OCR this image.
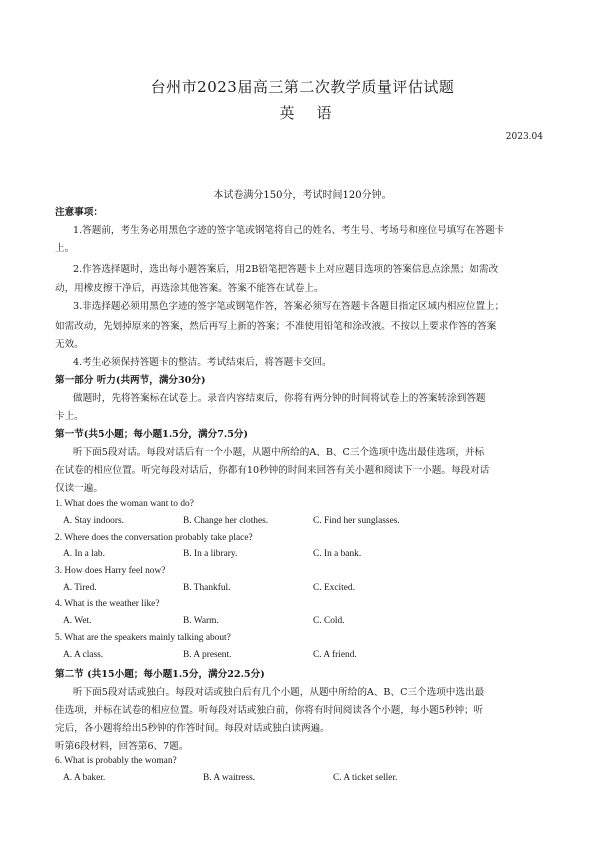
台州市2023届高三第二次教学质量评估试题
英语
2023.04
本试卷满分150分，考试时间120分钟。
注意事项：
1.答题前，考生务必用黑色字迹的签字笔或钢笔将自己的姓名、考生号、考场号和座位号填写在答题卡
上。
2.作答选择题时，选出每小题答案后，用2B铅笔把答题卡上对应题目选项的答案信息点涂黑；如需改
动，用橡皮擦干净后，再选涂其他答案。答案不能答在试卷上。
3.非选择题必须用黑色字迹的签字笔或钢笔作答，答案必须写在答题卡各题目指定区域内相应位置上；
如需改动，先划掉原来的答案，然后再写上新的答案；不准使用铅笔和涂改液。不按以上要求作答的答案
无效。
4.考生必须保持答题卡的整洁。考试结束后，将答题卡交回。
第一部分 听力(共两节，满分30分)
做题时，先将答案标在试卷上。录音内容结束后，你将有两分钟的时间将试卷上的答案转涂到答题
卡上。
第一节(共5小题；每小题1.5分，满分7.5分)
听下面5段对话。每段对话后有一个小题，从题中所给的A、B、C三个选项中选出最佳选项，并标
在试卷的相应位置。听完每段对话后，你都有10秒钟的时间来回答有关小题和阅读下一小题。每段对话
仅读一遍。
1. What does the woman want to do?
A. Stay indoors.	B. Change her clothes.	C. Find her sunglasses.
2. Where does the conversation probably take place?
A. In a lab.	B. In a library.	C. In a bank.
3. How does Harry feel now?
A. Tired.	B. Thankful.	C. Excited.
4. What is the weather like?
A. Wet.	B. Warm.	C. Cold.
5. What are the speakers mainly talking about?
A. A class.	B. A present.	C. A friend.
第二节 (共15小题；每小题1.5分，满分22.5分)
听下面5段对话或独白。每段对话或独白后有几个小题，从题中所给的A、B、C三个选项中选出最
佳选项，并标在试卷的相应位置。听每段对话或独白前，你将有时间阅读各个小题，每小题5秒钟；听
完后，各小题将给出5秒钟的作答时间。每段对话或独白读两遍。
听第6段材料，回答第6、7题。
6. What is probably the woman?
A. A baker.	B. A waitress.	C. A ticket seller.
